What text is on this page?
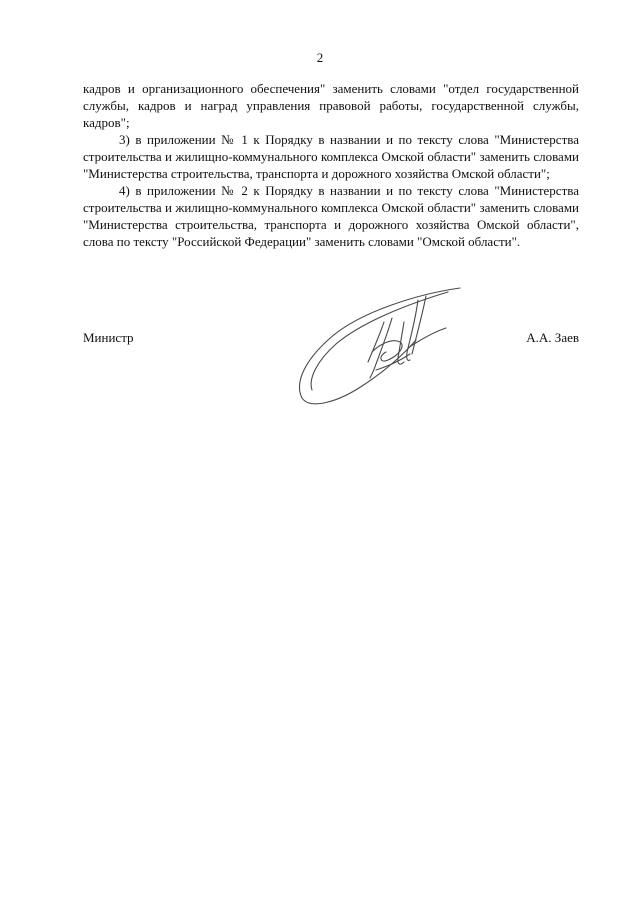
2

кадров и организационного обеспечения" заменить словами "отдел государственной службы, кадров и наград управления правовой работы, государственной службы, кадров";

3) в приложении № 1 к Порядку в названии и по тексту слова "Министерства строительства и жилищно-коммунального комплекса Омской области" заменить словами "Министерства строительства, транспорта и дорожного хозяйства Омской области";

4) в приложении № 2 к Порядку в названии и по тексту слова "Министерства строительства и жилищно-коммунального комплекса Омской области" заменить словами "Министерства строительства, транспорта и дорожного хозяйства Омской области", слова по тексту "Российской Федерации" заменить словами "Омской области".

Министр	А.А. Заев
